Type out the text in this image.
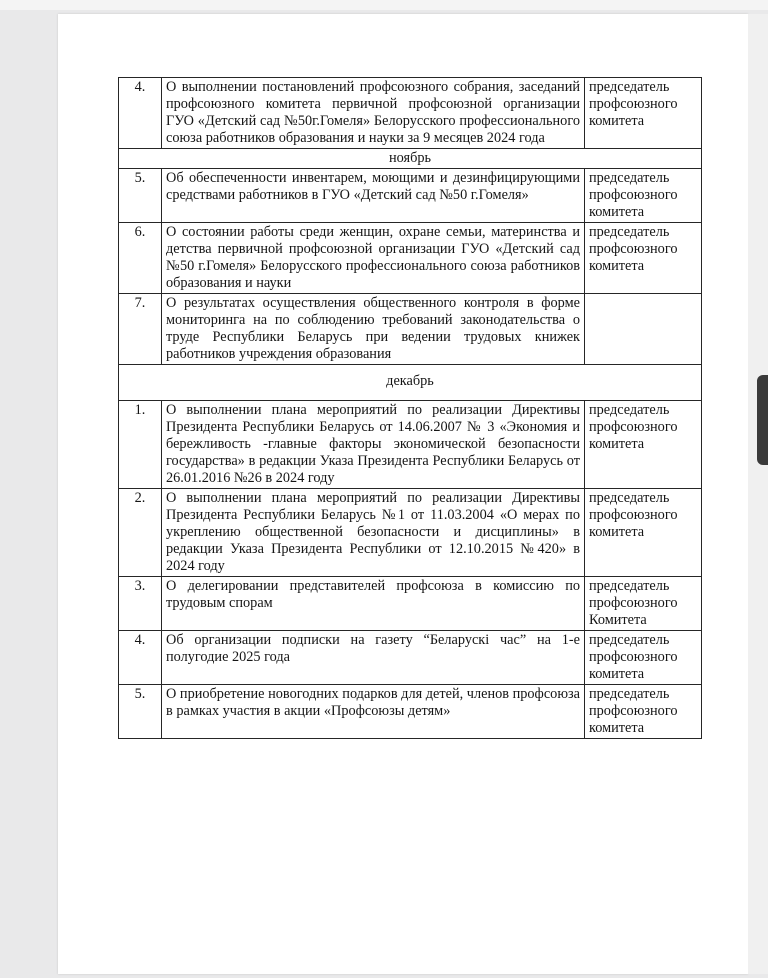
4.	О выполнении постановлений профсоюзного собрания, заседаний профсоюзного комитета первичной профсоюзной организации ГУО «Детский сад №50г.Гомеля» Белорусского профессионального союза работников образования и науки за 9 месяцев 2024 года	председатель профсоюзного комитета
ноябрь		
5.	Об обеспеченности инвентарем, моющими и дезинфицирующими средствами работников в ГУО «Детский сад №50 г.Гомеля»	председатель профсоюзного комитета
6.	О состоянии работы среди женщин, охране семьи, материнства и детства первичной профсоюзной организации ГУО «Детский сад №50 г.Гомеля» Белорусского профессионального союза работников образования и науки	председатель профсоюзного комитета
7.	О результатах осуществления общественного контроля в форме мониторинга на по соблюдению требований законодательства о труде Республики Беларусь при ведении трудовых книжек работников учреждения образования	
декабрь		
1.	О выполнении плана мероприятий по реализации Директивы Президента Республики Беларусь от 14.06.2007 № 3 «Экономия и бережливость -главные факторы экономической безопасности государства» в редакции Указа Президента Республики Беларусь от 26.01.2016 №26 в 2024 году	председатель профсоюзного комитета
2.	О выполнении плана мероприятий по реализации Директивы Президента Республики Беларусь №1 от 11.03.2004 «О мерах по укреплению общественной безопасности и дисциплины» в редакции Указа Президента Республики от 12.10.2015 №420» в 2024 году	председатель профсоюзного комитета
3.	О делегировании представителей профсоюза в комиссию по трудовым спорам	председатель профсоюзного Комитета
4.	Об организации подписки на газету “Беларускі час” на 1-е полугодие 2025 года	председатель профсоюзного комитета
5.	О приобретение новогодних подарков для детей, членов профсоюза в рамках участия в акции «Профсоюзы детям»	председатель профсоюзного комитета
